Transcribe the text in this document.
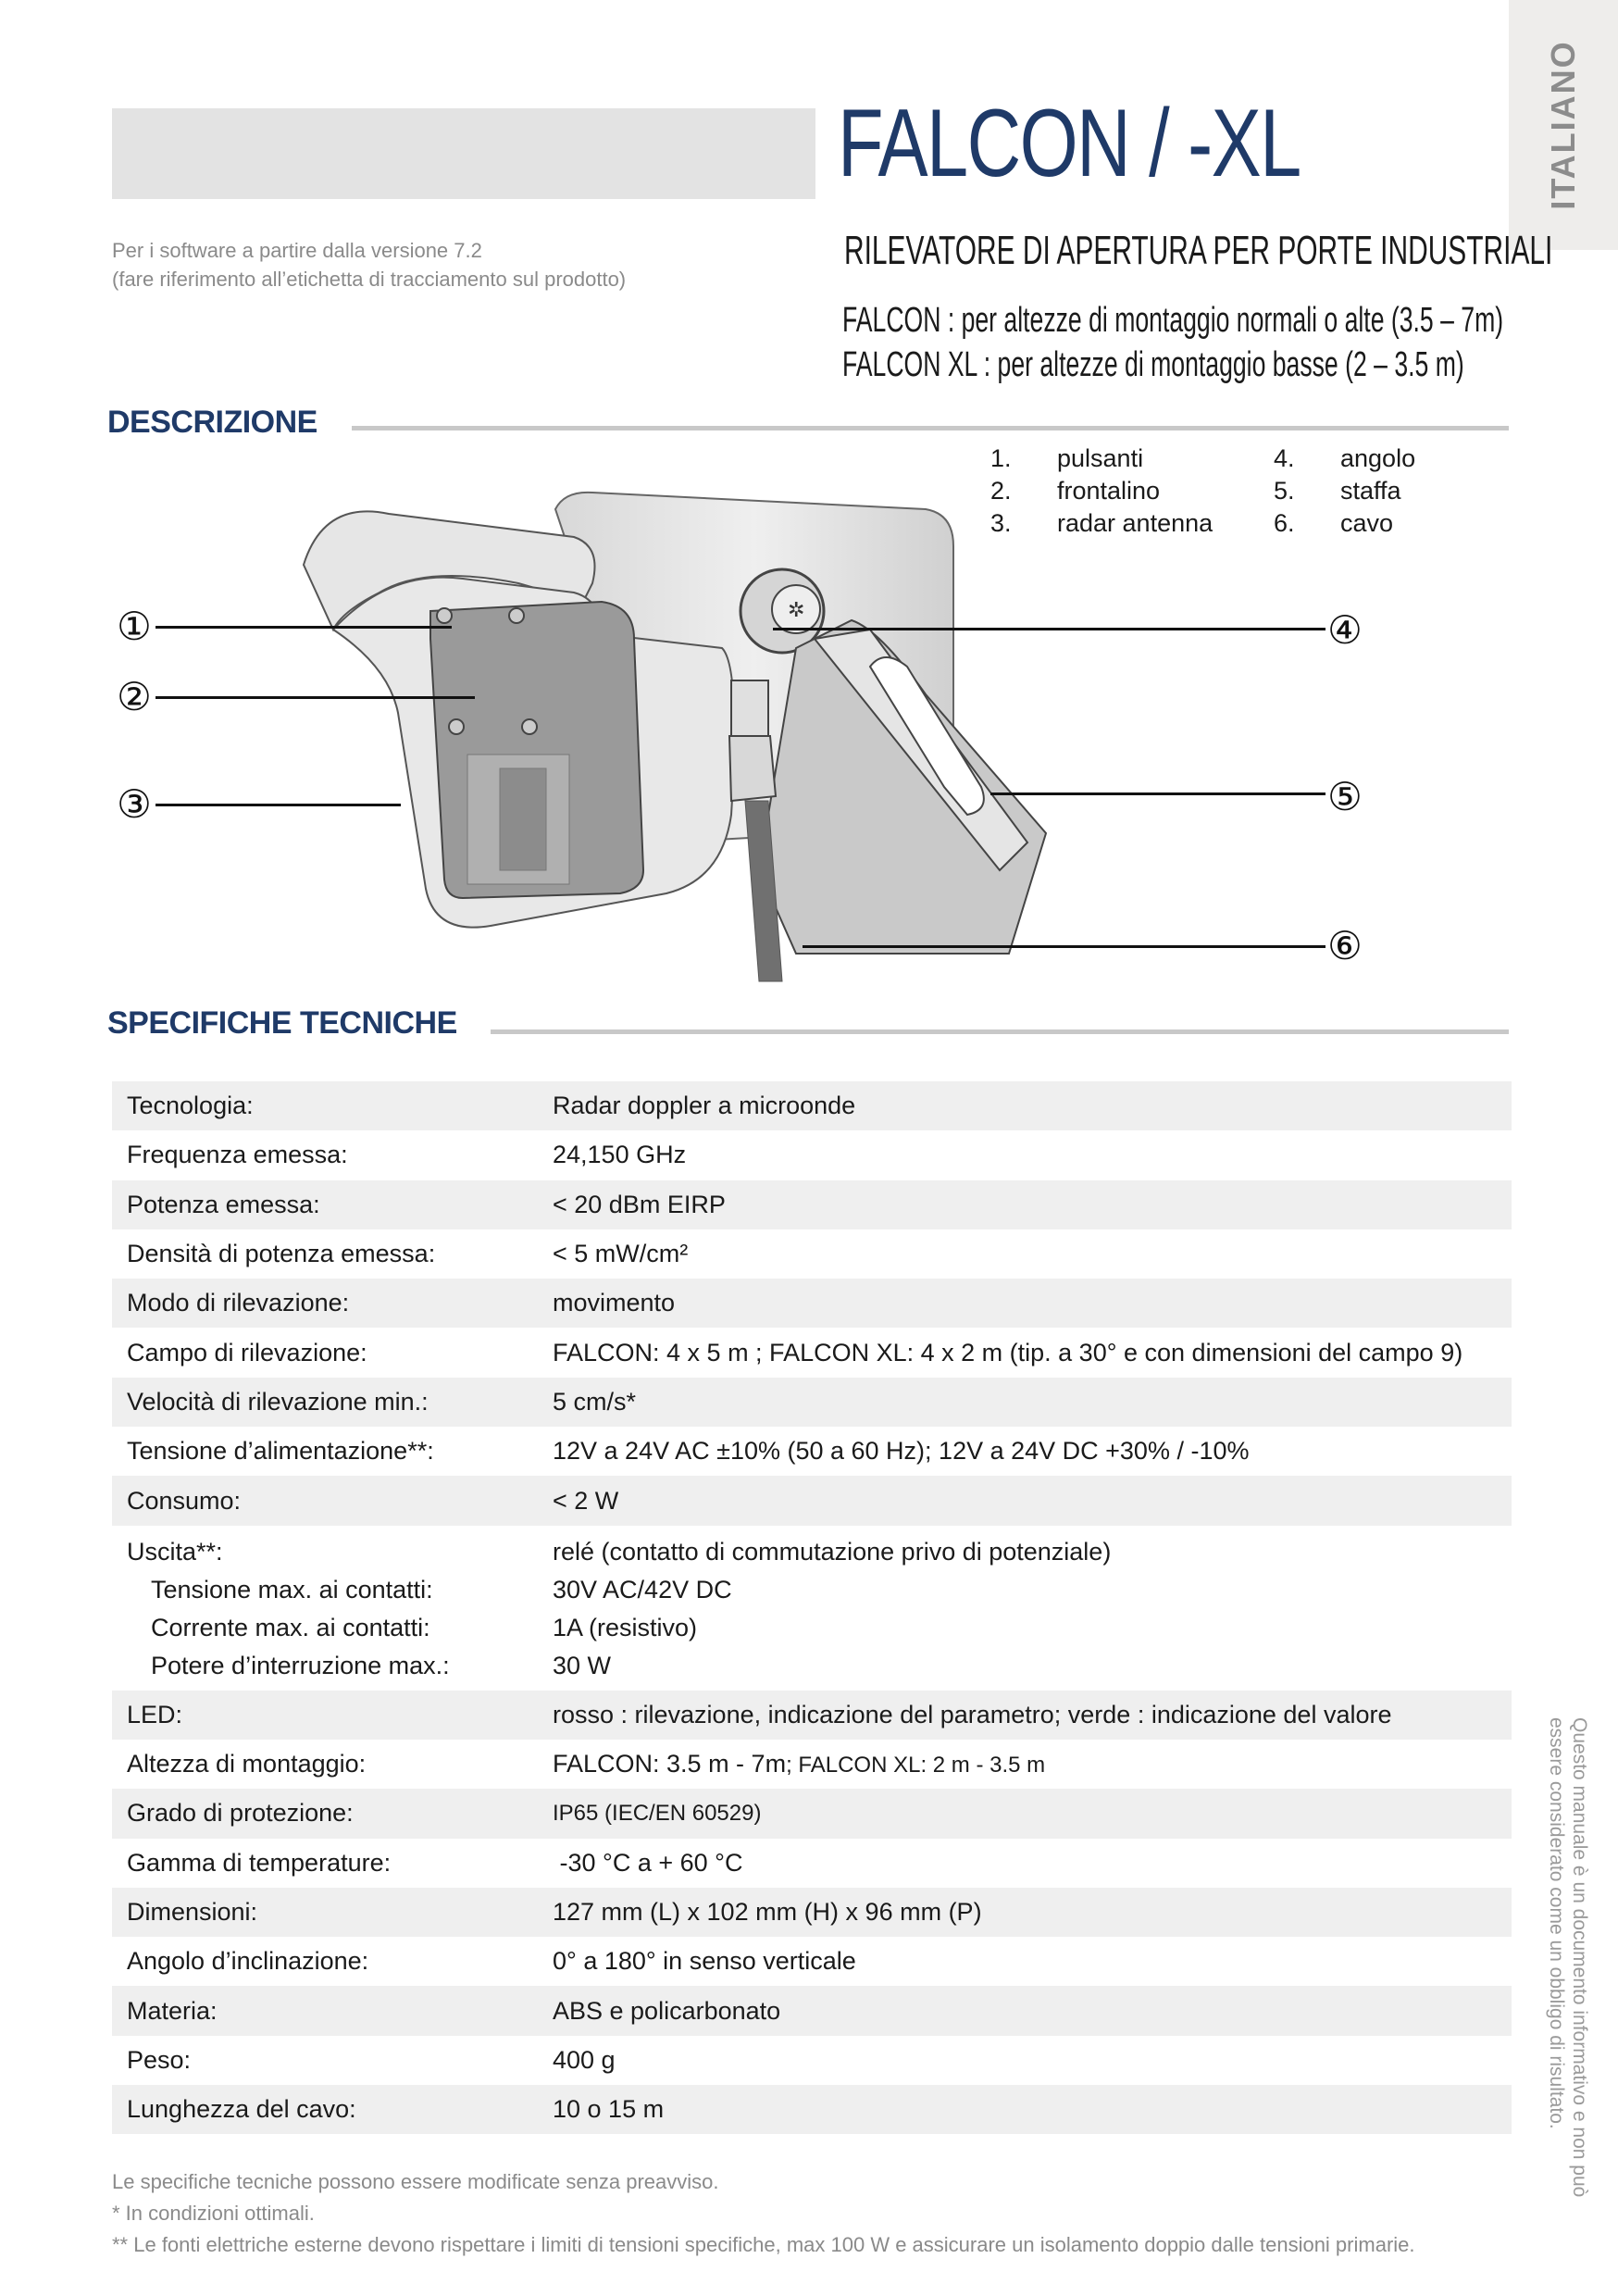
FALCON / -XL	ITALIANO
Per i software a partire dalla versione 7.2
(fare riferimento all’etichetta di tracciamento sul prodotto)
RILEVATORE DI APERTURA PER PORTE INDUSTRIALI
FALCON : per altezze di montaggio normali o alte (3.5 – 7m)
FALCON XL : per altezze di montaggio basse (2 – 3.5 m)
DESCRIZIONE
1.	pulsanti
2.	frontalino
3.	radar antenna
4.	angolo
5.	staffa
6.	cavo
✲
①
②
③
④
⑤
⑥
SPECIFICHE TECNICHE
Tecnologia:	Radar doppler a microonde
Frequenza emessa:	24,150 GHz
Potenza emessa:	< 20 dBm EIRP
Densità di potenza emessa:	< 5 mW/cm²
Modo di rilevazione:	movimento
Campo di rilevazione:	FALCON: 4 x 5 m ; FALCON XL: 4 x 2 m (tip. a 30° e con dimensioni del campo 9)
Velocità di rilevazione min.:	5 cm/s*
Tensione d’alimentazione**:	12V a 24V AC ±10% (50 a 60 Hz); 12V a 24V DC +30% / -10%
Consumo:	< 2 W
Uscita**:	relé (contatto di commutazione privo di potenziale)
Tensione max. ai contatti:	30V AC/42V DC
Corrente max. ai contatti:	1A (resistivo)
Potere d’interruzione max.:	30 W
LED:	rosso : rilevazione, indicazione del parametro; verde : indicazione del valore
Altezza di montaggio:	FALCON: 3.5 m - 7m; FALCON XL: 2 m - 3.5 m
Grado di protezione:	IP65 (IEC/EN 60529)
Gamma di temperature:	-30 °C a + 60 °C
Dimensioni:	127 mm (L) x 102 mm (H) x 96 mm (P)
Angolo d’inclinazione:	0° a 180° in senso verticale
Materia:	ABS e policarbonato
Peso:	400 g
Lunghezza del cavo:	10 o 15 m
Le specifiche tecniche possono essere modificate senza preavviso.
* In condizioni ottimali.
** Le fonti elettriche esterne devono rispettare i limiti di tensioni specifiche, max 100 W e assicurare un isolamento doppio dalle tensioni primarie.
Questo manuale è un documento informativo e non può
essere considerato come un obbligo di risultato.
